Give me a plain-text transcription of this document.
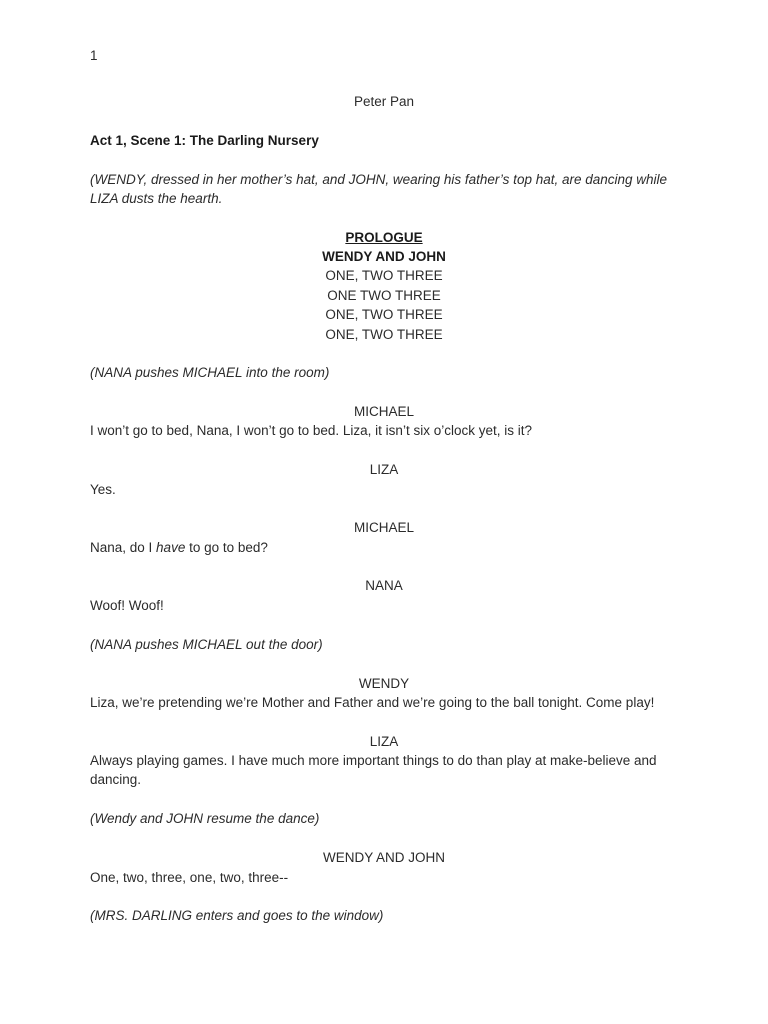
1
Peter Pan
Act 1, Scene 1: The Darling Nursery
(WENDY, dressed in her mother’s hat, and JOHN, wearing his father’s top hat, are dancing while LIZA dusts the hearth.
PROLOGUE
WENDY AND JOHN
ONE, TWO THREE
ONE TWO THREE
ONE, TWO THREE
ONE, TWO THREE
(NANA pushes MICHAEL into the room)
MICHAEL
I won’t go to bed, Nana, I won’t go to bed. Liza, it isn’t six o’clock yet, is it?
LIZA
Yes.
MICHAEL
Nana, do I have to go to bed?
NANA
Woof! Woof!
(NANA pushes MICHAEL out the door)
WENDY
Liza, we’re pretending we’re Mother and Father and we’re going to the ball tonight. Come play!
LIZA
Always playing games. I have much more important things to do than play at make-believe and dancing.
(Wendy and JOHN resume the dance)
WENDY AND JOHN
One, two, three, one, two, three--
(MRS. DARLING enters and goes to the window)
